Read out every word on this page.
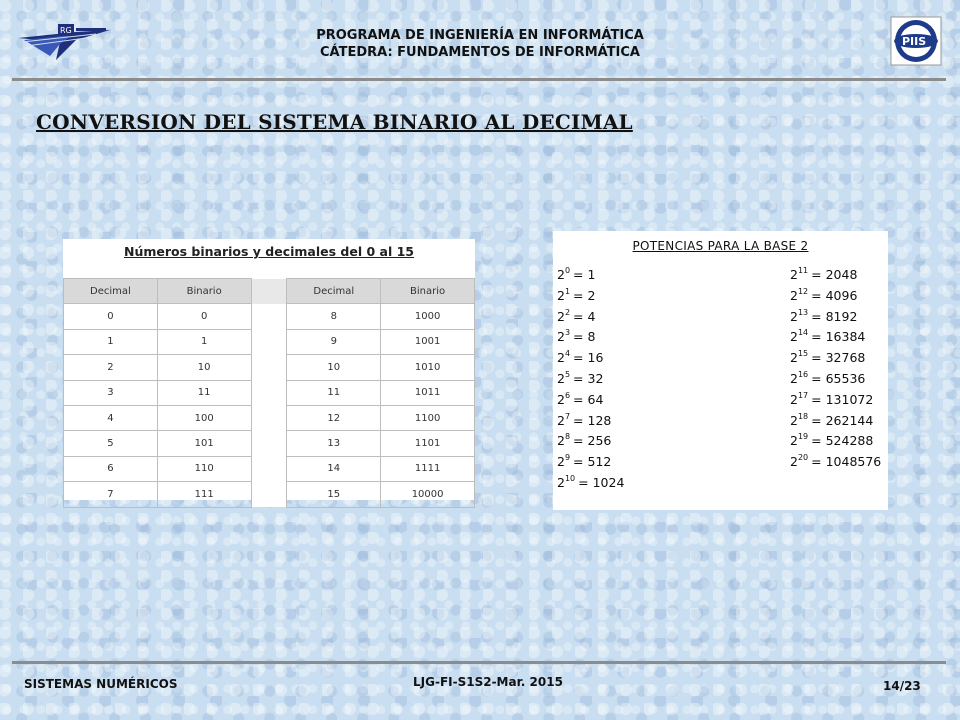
RG	PROGRAMA DE INGENIERÍA EN INFORMÁTICA
CÁTEDRA: FUNDAMENTOS DE INFORMÁTICA
PIIS
CONVERSION DEL SISTEMA BINARIO AL DECIMAL
Números binarios y decimales del 0 al 15
Decimal	Binario		Decimal	Binario
0	0		8	1000
1	1		9	1001
2	10		10	1010
3	11		11	1011
4	100		12	1100
5	101		13	1101
6	110		14	1111
7	111		15	10000
POTENCIAS PARA LA BASE 2
$2^0 = 1$
$2^1 = 2$
$2^2 = 4$
$2^3 = 8$
$2^4 = 16$
$2^5 = 32$
$2^6 = 64$
$2^7 = 128$
$2^8 = 256$
$2^9 = 512$
$2^{10} = 1024$
$2^{11} = 2048$
$2^{12} = 4096$
$2^{13} = 8192$
$2^{14} = 16384$
$2^{15} = 32768$
$2^{16} = 65536$
$2^{17} = 131072$
$2^{18} = 262144$
$2^{19} = 524288$
$2^{20} = 1048576$
SISTEMAS NUMÉRICOS	LJG-FI-S1S2-Mar. 2015	14/23
